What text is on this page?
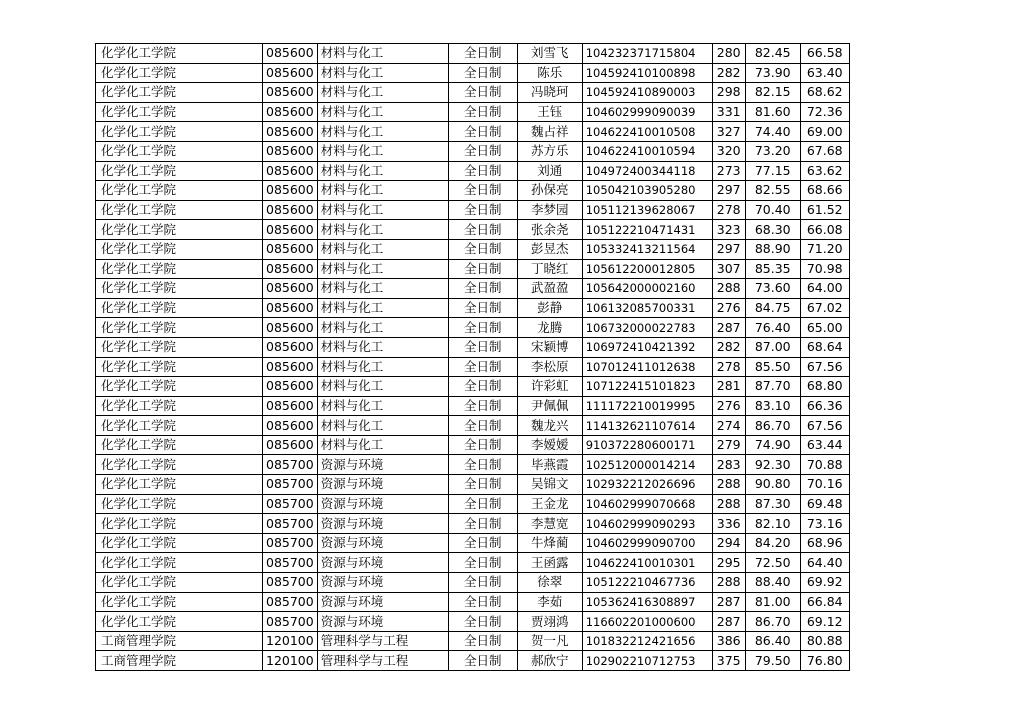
化学化工学院	085600	材料与化工	全日制	刘雪飞	104232371715804	280	82.45	66.58
化学化工学院	085600	材料与化工	全日制	陈乐	104592410100898	282	73.90	63.40
化学化工学院	085600	材料与化工	全日制	冯晓珂	104592410890003	298	82.15	68.62
化学化工学院	085600	材料与化工	全日制	王钰	104602999090039	331	81.60	72.36
化学化工学院	085600	材料与化工	全日制	魏占祥	104622410010508	327	74.40	69.00
化学化工学院	085600	材料与化工	全日制	苏方乐	104622410010594	320	73.20	67.68
化学化工学院	085600	材料与化工	全日制	刘通	104972400344118	273	77.15	63.62
化学化工学院	085600	材料与化工	全日制	孙保亮	105042103905280	297	82.55	68.66
化学化工学院	085600	材料与化工	全日制	李梦园	105112139628067	278	70.40	61.52
化学化工学院	085600	材料与化工	全日制	张余尧	105122210471431	323	68.30	66.08
化学化工学院	085600	材料与化工	全日制	彭昱杰	105332413211564	297	88.90	71.20
化学化工学院	085600	材料与化工	全日制	丁晓红	105612200012805	307	85.35	70.98
化学化工学院	085600	材料与化工	全日制	武盈盈	105642000002160	288	73.60	64.00
化学化工学院	085600	材料与化工	全日制	彭静	106132085700331	276	84.75	67.02
化学化工学院	085600	材料与化工	全日制	龙腾	106732000022783	287	76.40	65.00
化学化工学院	085600	材料与化工	全日制	宋颖博	106972410421392	282	87.00	68.64
化学化工学院	085600	材料与化工	全日制	李松原	107012411012638	278	85.50	67.56
化学化工学院	085600	材料与化工	全日制	许彩虹	107122415101823	281	87.70	68.80
化学化工学院	085600	材料与化工	全日制	尹佩佩	111172210019995	276	83.10	66.36
化学化工学院	085600	材料与化工	全日制	魏龙兴	114132621107614	274	86.70	67.56
化学化工学院	085600	材料与化工	全日制	李嫒嫒	910372280600171	279	74.90	63.44
化学化工学院	085700	资源与环境	全日制	毕燕霞	102512000014214	283	92.30	70.88
化学化工学院	085700	资源与环境	全日制	吴锦文	102932212026696	288	90.80	70.16
化学化工学院	085700	资源与环境	全日制	王金龙	104602999070668	288	87.30	69.48
化学化工学院	085700	资源与环境	全日制	李慧宽	104602999090293	336	82.10	73.16
化学化工学院	085700	资源与环境	全日制	牛烽蔺	104602999090700	294	84.20	68.96
化学化工学院	085700	资源与环境	全日制	王函露	104622410010301	295	72.50	64.40
化学化工学院	085700	资源与环境	全日制	徐翠	105122210467736	288	88.40	69.92
化学化工学院	085700	资源与环境	全日制	李茹	105362416308897	287	81.00	66.84
化学化工学院	085700	资源与环境	全日制	贾翊鸿	116602201000600	287	86.70	69.12
工商管理学院	120100	管理科学与工程	全日制	贺一凡	101832212421656	386	86.40	80.88
工商管理学院	120100	管理科学与工程	全日制	郝欣宁	102902210712753	375	79.50	76.80
